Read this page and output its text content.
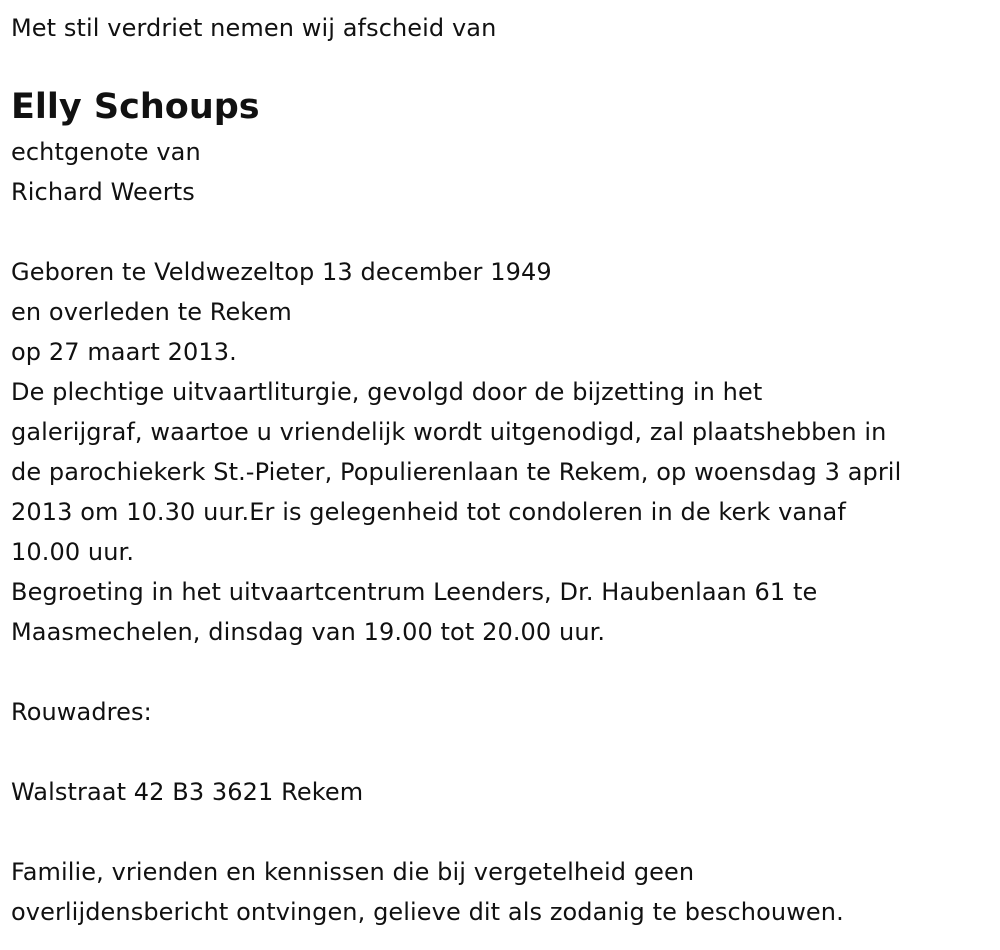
Met stil verdriet nemen wij afscheid van
Elly Schoups
echtgenote van
Richard Weerts
Geboren te Veldwezeltop 13 december 1949
en overleden te Rekem
op 27 maart 2013.
De plechtige uitvaartliturgie, gevolgd door de bijzetting in het
galerijgraf, waartoe u vriendelijk wordt uitgenodigd, zal plaatshebben in
de parochiekerk St.-Pieter, Populierenlaan te Rekem, op woensdag 3 april
2013 om 10.30 uur.Er is gelegenheid tot condoleren in de kerk vanaf
10.00 uur.
Begroeting in het uitvaartcentrum Leenders, Dr. Haubenlaan 61 te
Maasmechelen, dinsdag van 19.00 tot 20.00 uur.
Rouwadres:
Walstraat 42 B3 3621 Rekem
Familie, vrienden en kennissen die bij vergetelheid geen
overlijdensbericht ontvingen, gelieve dit als zodanig te beschouwen.
